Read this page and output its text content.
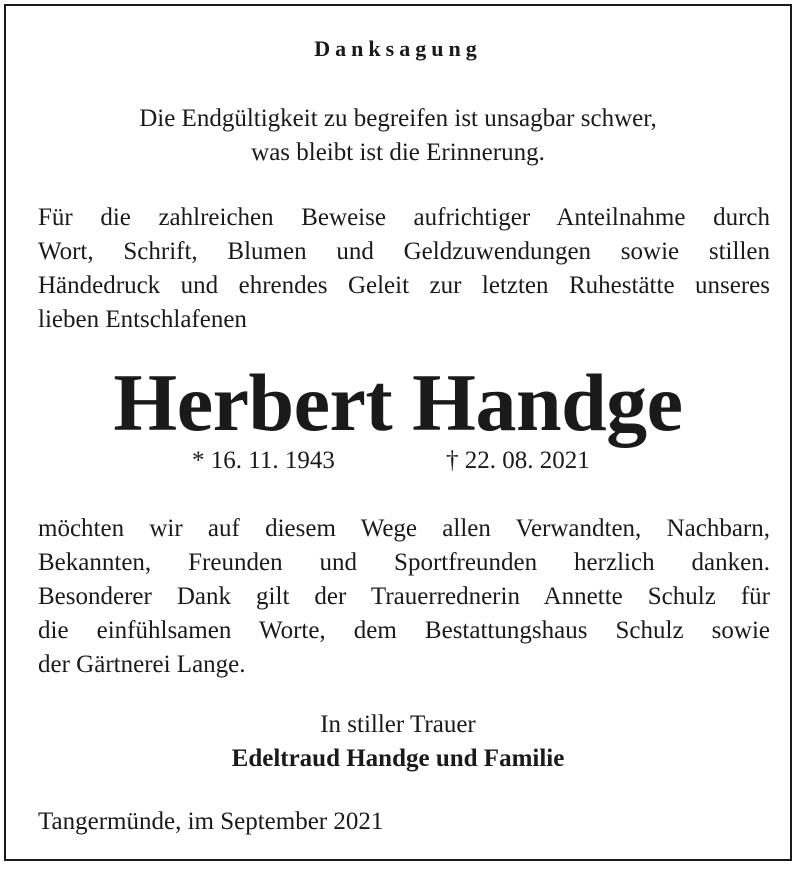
Danksagung
Die Endgültigkeit zu begreifen ist unsagbar schwer,
was bleibt ist die Erinnerung.
Für die zahlreichen Beweise aufrichtiger Anteilnahme durch
Wort, Schrift, Blumen und Geldzuwendungen sowie stillen
Händedruck und ehrendes Geleit zur letzten Ruhestätte unseres
lieben Entschlafenen
Herbert Handge
* 16. 11. 1943	† 22. 08. 2021
möchten wir auf diesem Wege allen Verwandten, Nachbarn,
Bekannten, Freunden und Sportfreunden herzlich danken.
Besonderer Dank gilt der Trauerrednerin Annette Schulz für
die einfühlsamen Worte, dem Bestattungshaus Schulz sowie
der Gärtnerei Lange.
In stiller Trauer
Edeltraud Handge und Familie
Tangermünde, im September 2021
